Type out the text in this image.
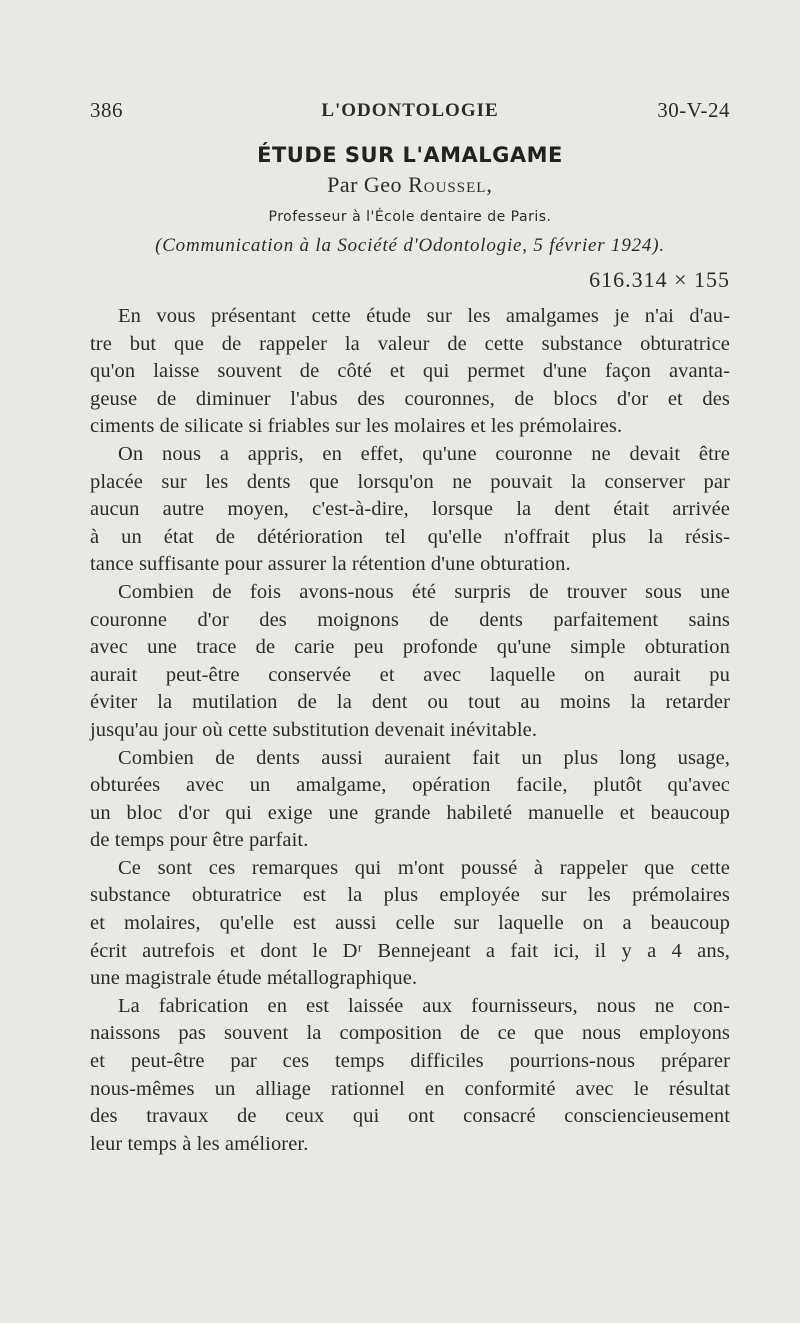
386	L'ODONTOLOGIE	30-V-24
ÉTUDE SUR L'AMALGAME
Par Geo Roussel,
Professeur à l'École dentaire de Paris.
(Communication à la Société d'Odontologie, 5 février 1924).
616.314 × 155
En vous présentant cette étude sur les amalgames je n'ai d'au-
tre but que de rappeler la valeur de cette substance obturatrice
qu'on laisse souvent de côté et qui permet d'une façon avanta-
geuse de diminuer l'abus des couronnes, de blocs d'or et des
ciments de silicate si friables sur les molaires et les prémolaires.
On nous a appris, en effet, qu'une couronne ne devait être
placée sur les dents que lorsqu'on ne pouvait la conserver par
aucun autre moyen, c'est-à-dire, lorsque la dent était arrivée
à un état de détérioration tel qu'elle n'offrait plus la résis-
tance suffisante pour assurer la rétention d'une obturation.
Combien de fois avons-nous été surpris de trouver sous une
couronne d'or des moignons de dents parfaitement sains
avec une trace de carie peu profonde qu'une simple obturation
aurait peut-être conservée et avec laquelle on aurait pu
éviter la mutilation de la dent ou tout au moins la retarder
jusqu'au jour où cette substitution devenait inévitable.
Combien de dents aussi auraient fait un plus long usage,
obturées avec un amalgame, opération facile, plutôt qu'avec
un bloc d'or qui exige une grande habileté manuelle et beaucoup
de temps pour être parfait.
Ce sont ces remarques qui m'ont poussé à rappeler que cette
substance obturatrice est la plus employée sur les prémolaires
et molaires, qu'elle est aussi celle sur laquelle on a beaucoup
écrit autrefois et dont le Dʳ Bennejeant a fait ici, il y a 4 ans,
une magistrale étude métallographique.
La fabrication en est laissée aux fournisseurs, nous ne con-
naissons pas souvent la composition de ce que nous employons
et peut-être par ces temps difficiles pourrions-nous préparer
nous-mêmes un alliage rationnel en conformité avec le résultat
des travaux de ceux qui ont consacré consciencieusement
leur temps à les améliorer.
